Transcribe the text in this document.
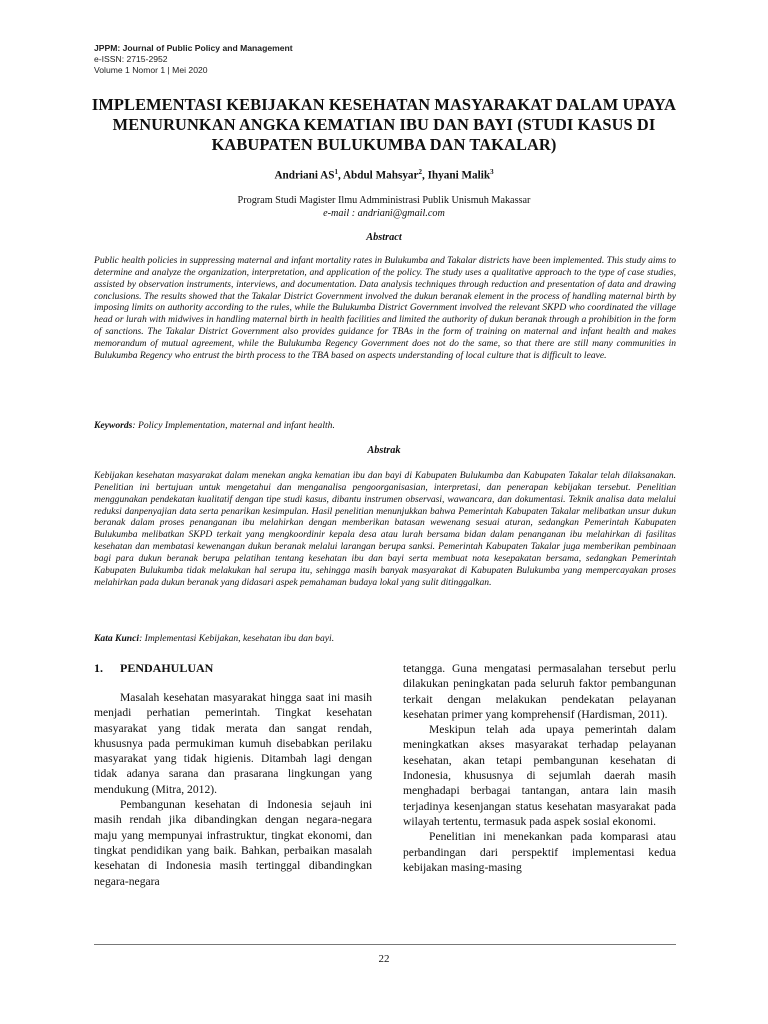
JPPM: Journal of Public Policy and Management
e-ISSN: 2715-2952
Volume 1 Nomor 1 | Mei 2020
IMPLEMENTASI KEBIJAKAN KESEHATAN MASYARAKAT DALAM UPAYA MENURUNKAN ANGKA KEMATIAN IBU DAN BAYI (STUDI KASUS DI KABUPATEN BULUKUMBA DAN TAKALAR)
Andriani $AS^1$, Abdul Mahsyar$^2$, Ihyani Malik$^3$
Program Studi Magister Ilmu Admministrasi Publik Unismuh Makassar
e-mail : andriani@gmail.com
Abstract
Public health policies in suppressing maternal and infant mortality rates in Bulukumba and Takalar districts have been implemented. This study aims to determine and analyze the organization, interpretation, and application of the policy. The study uses a qualitative approach to the type of case studies, assisted by observation instruments, interviews, and documentation. Data analysis techniques through reduction and presentation of data and drawing conclusions. The results showed that the Takalar District Government involved the dukun beranak element in the process of handling maternal birth by imposing limits on authority according to the rules, while the Bulukumba District Government involved the relevant SKPD who coordinated the village head or lurah with midwives in handling maternal birth in health facilities and limited the authority of dukun beranak through a prohibition in the form of sanctions. The Takalar District Government also provides guidance for TBAs in the form of training on maternal and infant health and makes memorandum of mutual agreement, while the Bulukumba Regency Government does not do the same, so that there are still many communities in Bulukumba Regency who entrust the birth process to the TBA based on aspects understanding of local culture that is difficult to leave.
Keywords: Policy Implementation, maternal and infant health.
Abstrak
Kebijakan kesehatan masyarakat dalam menekan angka kematian ibu dan bayi di Kabupaten Bulukumba dan Kabupaten Takalar telah dilaksanakan. Penelitian ini bertujuan untuk mengetahui dan menganalisa pengoorganisasian, interpretasi, dan penerapan kebijakan tersebut. Penelitian menggunakan pendekatan kualitatif dengan tipe studi kasus, dibantu instrumen observasi, wawancara, dan dokumentasi. Teknik analisa data melalui reduksi danpenyajian data serta penarikan kesimpulan. Hasil penelitian menunjukkan bahwa Pemerintah Kabupaten Takalar melibatkan unsur dukun beranak dalam proses penanganan ibu melahirkan dengan memberikan batasan wewenang sesuai aturan, sedangkan Pemerintah Kabupaten Bulukumba melibatkan SKPD terkait yang mengkoordinir kepala desa atau lurah bersama bidan dalam penanganan ibu melahirkan di fasilitas kesehatan dan membatasi kewenangan dukun beranak melalui larangan berupa sanksi. Pemerintah Kabupaten Takalar juga memberikan pembinaan bagi para dukun beranak berupa pelatihan tentang kesehatan ibu dan bayi serta membuat nota kesepakatan bersama, sedangkan Pemerintah Kabupaten Bulukumba tidak melakukan hal serupa itu, sehingga masih banyak masyarakat di Kabupaten Bulukumba yang mempercayakan proses melahirkan pada dukun beranak yang didasari aspek pemahaman budaya lokal yang sulit ditinggalkan.
Kata Kunci: Implementasi Kebijakan, kesehatan ibu dan bayi.
1. PENDAHULUAN

Masalah kesehatan masyarakat hingga saat ini masih menjadi perhatian pemerintah. Tingkat kesehatan masyarakat yang tidak merata dan sangat rendah, khususnya pada permukiman kumuh disebabkan perilaku masyarakat yang tidak higienis. Ditambah lagi dengan tidak adanya sarana dan prasarana lingkungan yang mendukung (Mitra, 2012).

Pembangunan kesehatan di Indonesia sejauh ini masih rendah jika dibandingkan dengan negara-negara maju yang mempunyai infrastruktur, tingkat ekonomi, dan tingkat pendidikan yang baik. Bahkan, perbaikan masalah kesehatan di Indonesia masih tertinggal dibandingkan negara-negara

tetangga. Guna mengatasi permasalahan tersebut perlu dilakukan peningkatan pada seluruh faktor pembangunan terkait dengan melakukan pendekatan pelayanan kesehatan primer yang komprehensif (Hardisman, 2011).

Meskipun telah ada upaya pemerintah dalam meningkatkan akses masyarakat terhadap pelayanan kesehatan, akan tetapi pembangunan kesehatan di Indonesia, khususnya di sejumlah daerah masih menghadapi berbagai tantangan, antara lain masih terjadinya kesenjangan status kesehatan masyarakat pada wilayah tertentu, termasuk pada aspek sosial ekonomi.

Penelitian ini menekankan pada komparasi atau perbandingan dari perspektif implementasi kedua kebijakan masing-masing

22
